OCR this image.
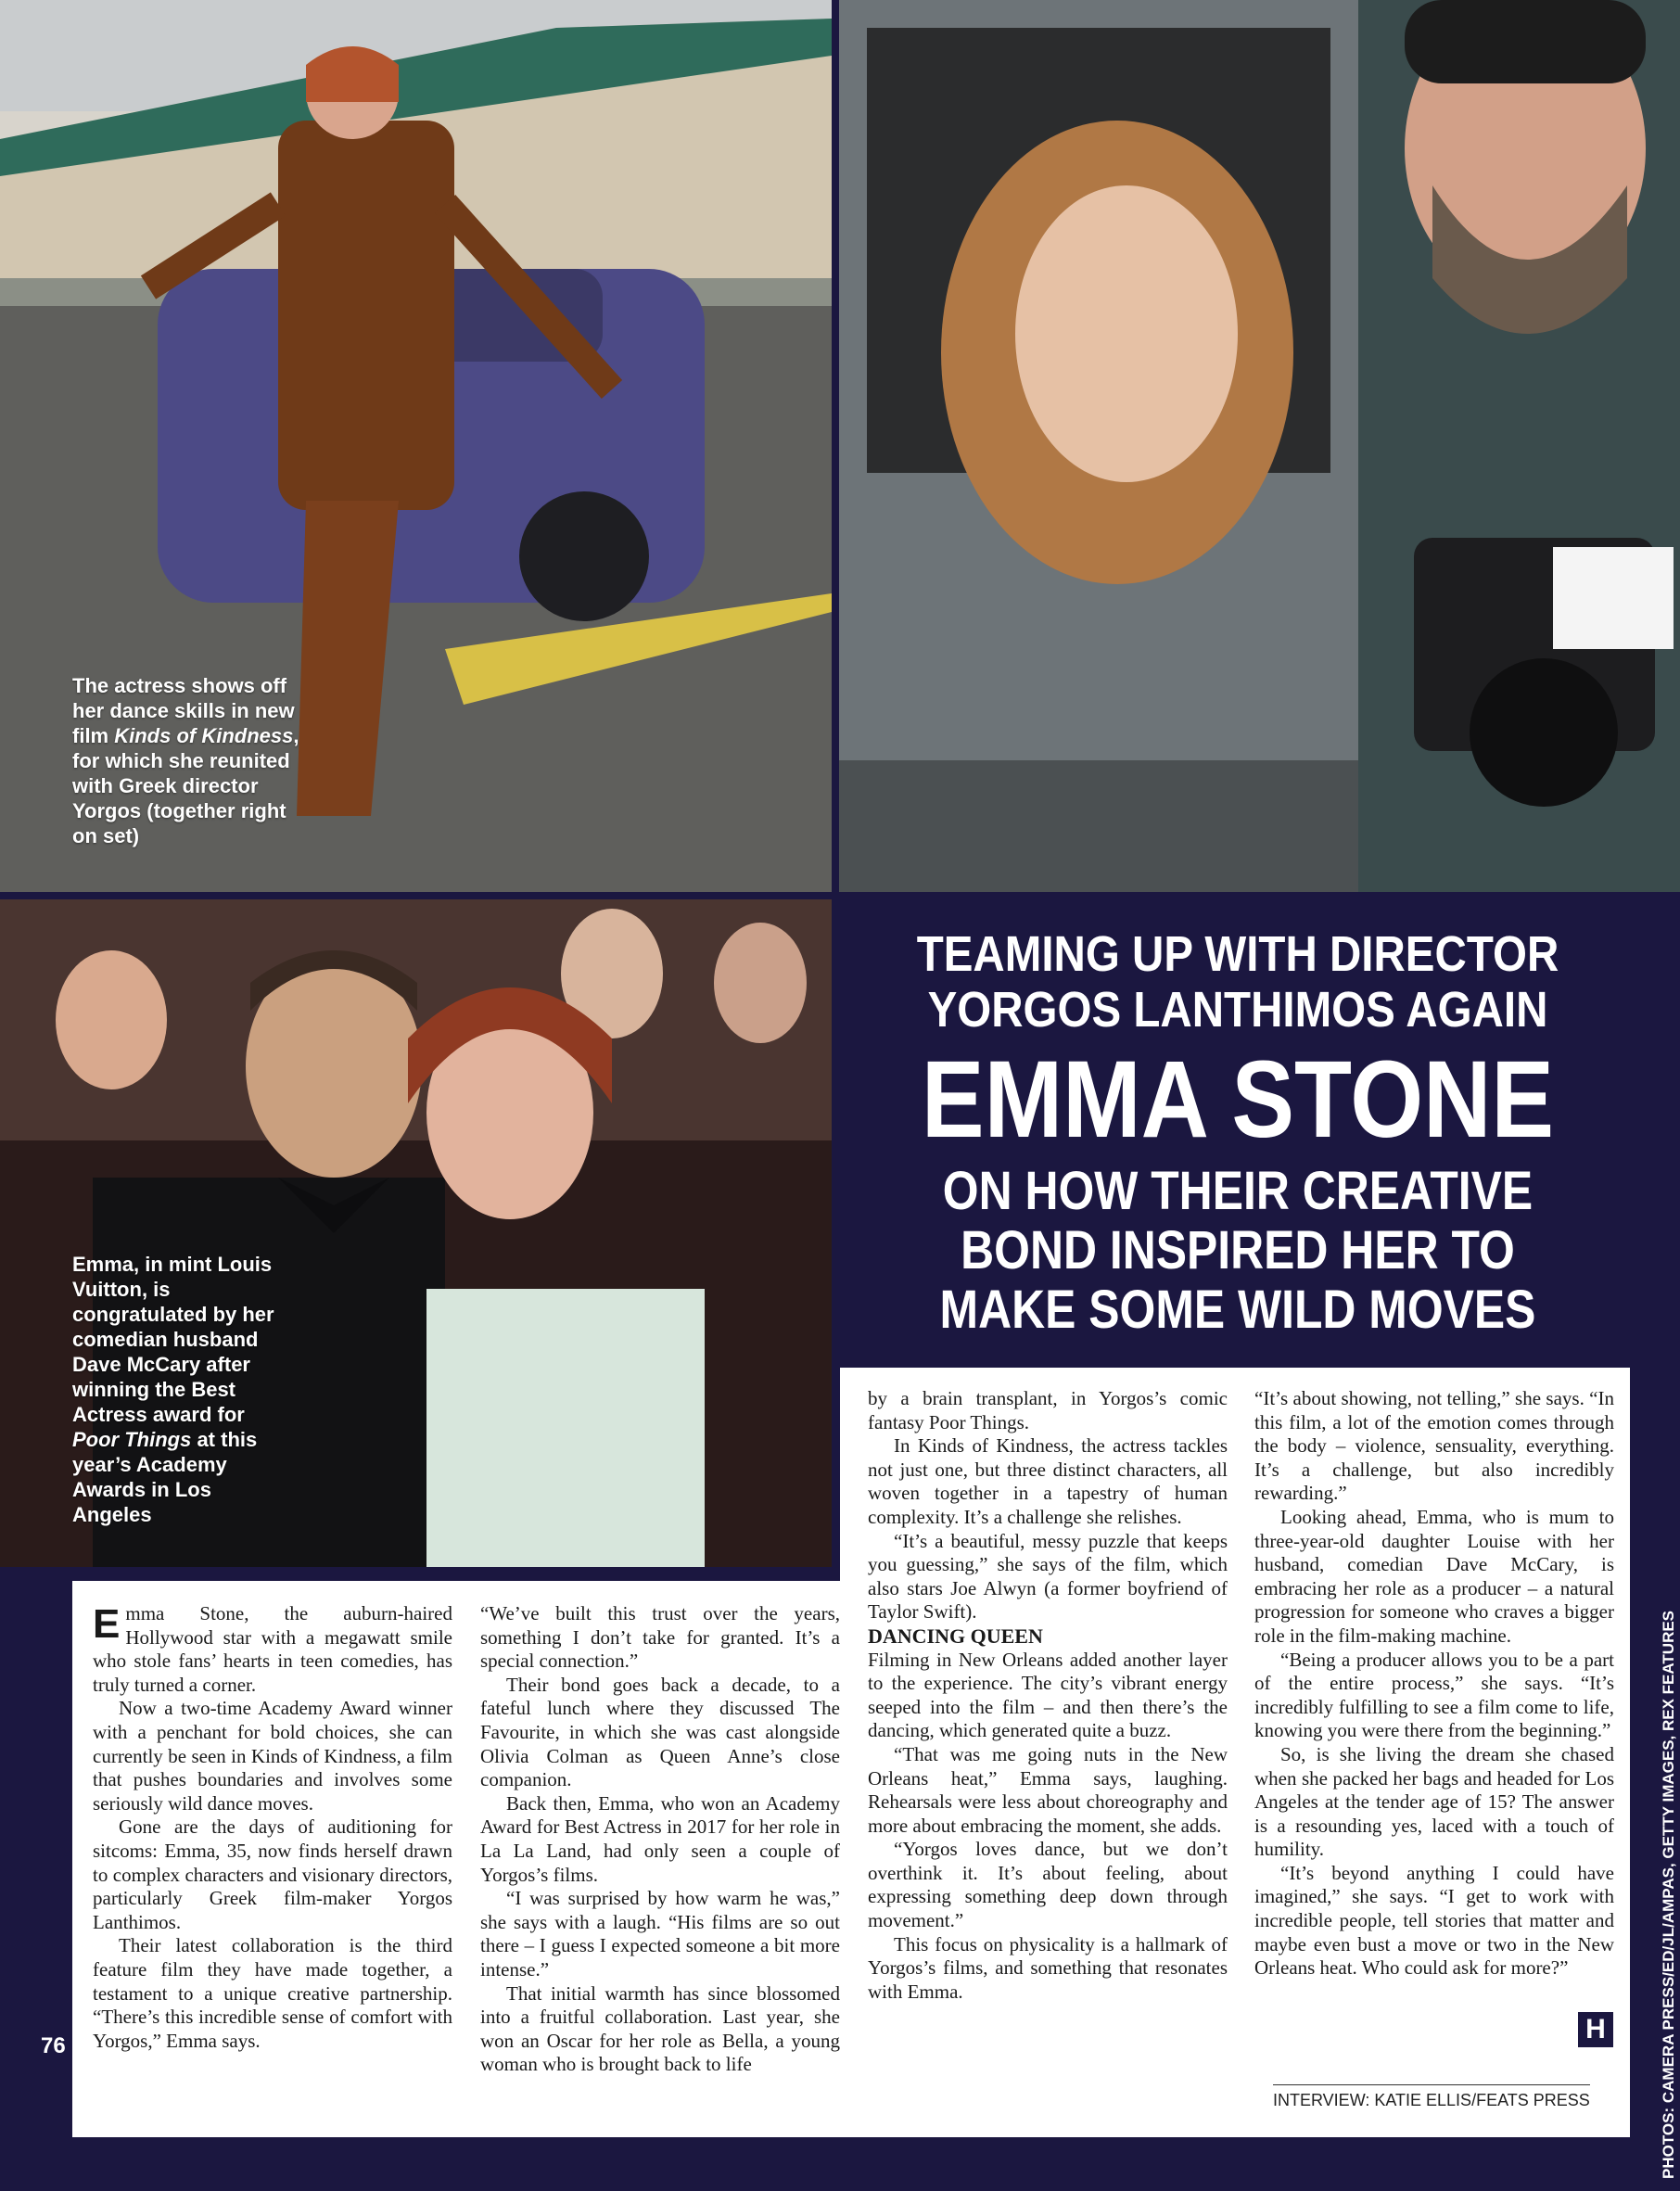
The actress shows off her dance skills in new film Kinds of Kindness, for which she reunited with Greek director Yorgos (together right on set)
Emma, in mint Louis Vuitton, is congratulated by her comedian husband Dave McCary after winning the Best Actress award for Poor Things at this year’s Academy Awards in Los Angeles
TEAMING UP WITH DIRECTOR
YORGOS LANTHIMOS AGAIN
EMMA STONE
ON HOW THEIR CREATIVE
BOND INSPIRED HER TO
MAKE SOME WILD MOVES

Emma Stone, the auburn-haired Hollywood star with a megawatt smile who stole fans’ hearts in teen comedies, has truly turned a corner.

Now a two-time Academy Award winner with a penchant for bold choices, she can currently be seen in Kinds of Kindness, a film that pushes boundaries and involves some seriously wild dance moves.

Gone are the days of auditioning for sitcoms: Emma, 35, now finds herself drawn to complex characters and visionary directors, particularly Greek film-maker Yorgos Lanthimos.

Their latest collaboration is the third feature film they have made together, a testament to a unique creative partnership. “There’s this incredible sense of comfort with Yorgos,” Emma says.

“We’ve built this trust over the years, something I don’t take for granted. It’s a special connection.”

Their bond goes back a decade, to a fateful lunch where they discussed The Favourite, in which she was cast alongside Olivia Colman as Queen Anne’s close companion.

Back then, Emma, who won an Academy Award for Best Actress in 2017 for her role in La La Land, had only seen a couple of Yorgos’s films.

“I was surprised by how warm he was,” she says with a laugh. “His films are so out there – I guess I expected someone a bit more intense.”

That initial warmth has since blossomed into a fruitful collaboration. Last year, she won an Oscar for her role as Bella, a young woman who is brought back to life

by a brain transplant, in Yorgos’s comic fantasy Poor Things.

In Kinds of Kindness, the actress tackles not just one, but three distinct characters, all woven together in a tapestry of human complexity. It’s a challenge she relishes.

“It’s a beautiful, messy puzzle that keeps you guessing,” she says of the film, which also stars Joe Alwyn (a former boyfriend of Taylor Swift).

DANCING QUEEN

Filming in New Orleans added another layer to the experience. The city’s vibrant energy seeped into the film – and then there’s the dancing, which generated quite a buzz.

“That was me going nuts in the New Orleans heat,” Emma says, laughing. Rehearsals were less about choreography and more about embracing the moment, she adds.

“Yorgos loves dance, but we don’t overthink it. It’s about feeling, about expressing something deep down through movement.”

This focus on physicality is a hallmark of Yorgos’s films, and something that resonates with Emma.

“It’s about showing, not telling,” she says. “In this film, a lot of the emotion comes through the body – violence, sensuality, everything. It’s a challenge, but also incredibly rewarding.”

Looking ahead, Emma, who is mum to three-year-old daughter Louise with her husband, comedian Dave McCary, is embracing her role as a producer – a natural progression for someone who craves a bigger role in the film-making machine.

“Being a producer allows you to be a part of the entire process,” she says. “It’s incredibly fulfilling to see a film come to life, knowing you were there from the beginning.”

So, is she living the dream she chased when she packed her bags and headed for Los Angeles at the tender age of 15? The answer is a resounding yes, laced with a touch of humility.

“It’s beyond anything I could have imagined,” she says. “I get to work with incredible people, tell stories that matter and maybe even bust a move or two in the New Orleans heat. Who could ask for more?”

H
INTERVIEW: KATIE ELLIS/FEATS PRESS
76	PHOTOS: CAMERA PRESS/ED/JL/AMPAS, GETTY IMAGES, REX FEATURES
